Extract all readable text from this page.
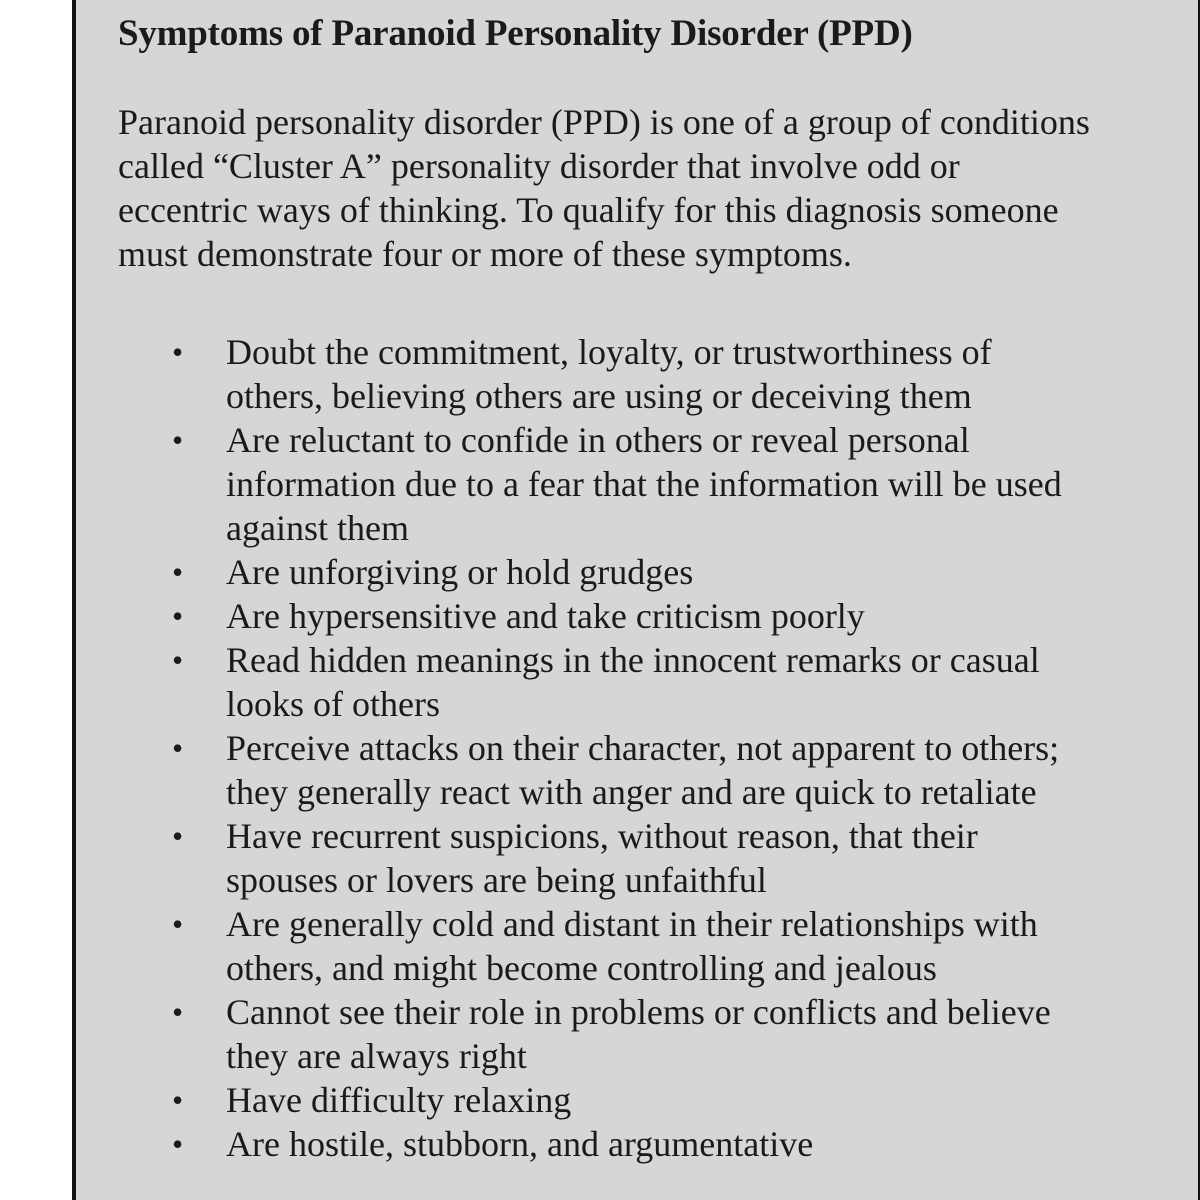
Symptoms of Paranoid Personality Disorder (PPD)

Paranoid personality disorder (PPD) is one of a group of conditions called “Cluster A” personality disorder that involve odd or eccentric ways of thinking. To qualify for this diagnosis someone must demonstrate four or more of these symptoms.

• Doubt the commitment, loyalty, or trustworthiness of others, believing others are using or deceiving them
• Are reluctant to confide in others or reveal personal information due to a fear that the information will be used against them
• Are unforgiving or hold grudges
• Are hypersensitive and take criticism poorly
• Read hidden meanings in the innocent remarks or casual looks of others
• Perceive attacks on their character, not apparent to others; they generally react with anger and are quick to retaliate
• Have recurrent suspicions, without reason, that their spouses or lovers are being unfaithful
• Are generally cold and distant in their relationships with others, and might become controlling and jealous
• Cannot see their role in problems or conflicts and believe they are always right
• Have difficulty relaxing
• Are hostile, stubborn, and argumentative
